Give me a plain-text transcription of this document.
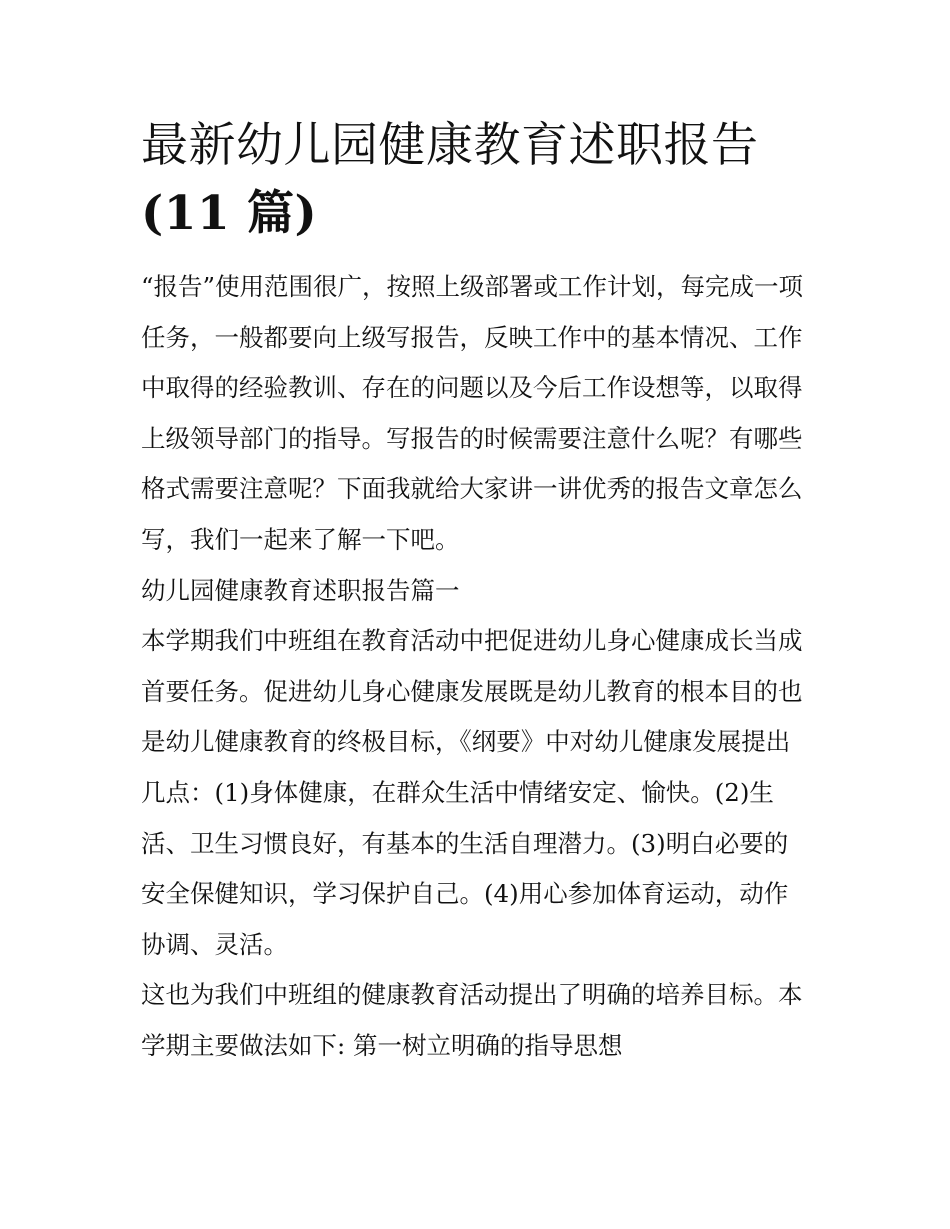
最新幼儿园健康教育述职报告
(11 篇)
“报告”使用范围很广，按照上级部署或工作计划，每完成一项
任务，一般都要向上级写报告，反映工作中的基本情况、工作
中取得的经验教训、存在的问题以及今后工作设想等，以取得
上级领导部门的指导。写报告的时候需要注意什么呢？有哪些
格式需要注意呢？下面我就给大家讲一讲优秀的报告文章怎么
写，我们一起来了解一下吧。
幼儿园健康教育述职报告篇一
本学期我们中班组在教育活动中把促进幼儿身心健康成长当成
首要任务。促进幼儿身心健康发展既是幼儿教育的根本目的也
是幼儿健康教育的终极目标，《纲要》中对幼儿健康发展提出
几点：(1)身体健康，在群众生活中情绪安定、愉快。(2)生
活、卫生习惯良好，有基本的生活自理潜力。(3)明白必要的
安全保健知识，学习保护自己。(4)用心参加体育运动，动作
协调、灵活。
这也为我们中班组的健康教育活动提出了明确的培养目标。本
学期主要做法如下: 第一树立明确的指导思想
